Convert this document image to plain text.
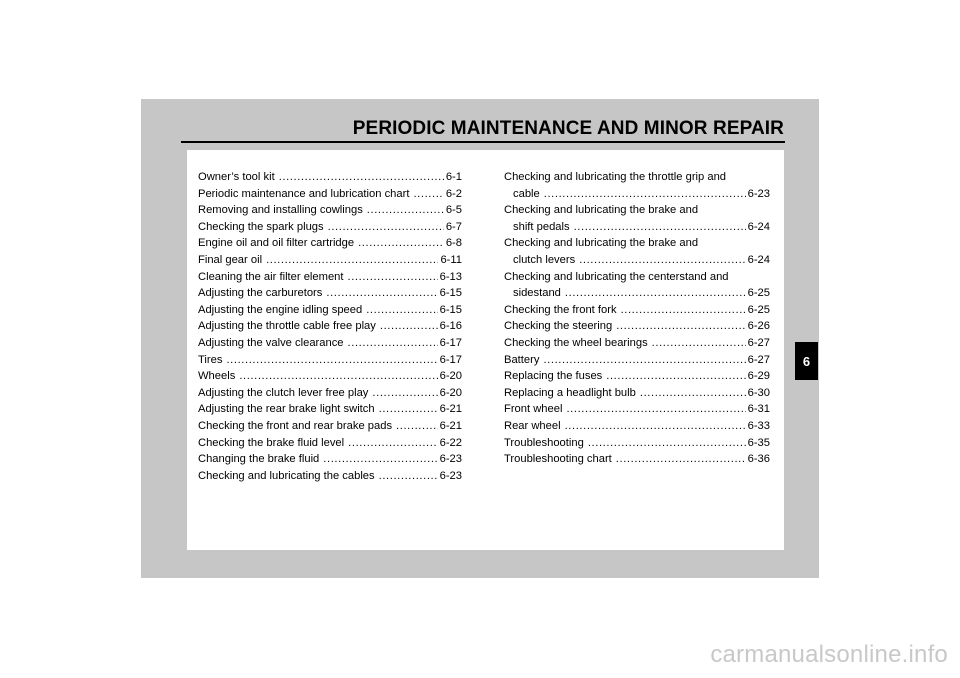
PERIODIC MAINTENANCE AND MINOR REPAIR
Owner’s tool kit .....	6-1
Periodic maintenance and lubrication chart .....	6-2
Removing and installing cowlings .....	6-5
Checking the spark plugs .....	6-7
Engine oil and oil filter cartridge .....	6-8
Final gear oil .....	6-11
Cleaning the air filter element .....	6-13
Adjusting the carburetors .....	6-15
Adjusting the engine idling speed .....	6-15
Adjusting the throttle cable free play .....	6-16
Adjusting the valve clearance .....	6-17
Tires .....	6-17
Wheels .....	6-20
Adjusting the clutch lever free play .....	6-20
Adjusting the rear brake light switch .....	6-21
Checking the front and rear brake pads .....	6-21
Checking the brake fluid level .....	6-22
Changing the brake fluid .....	6-23
Checking and lubricating the cables .....	6-23
Checking and lubricating the throttle grip and
cable .....	6-23
Checking and lubricating the brake and
shift pedals .....	6-24
Checking and lubricating the brake and
clutch levers .....	6-24
Checking and lubricating the centerstand and
sidestand .....	6-25
Checking the front fork .....	6-25
Checking the steering .....	6-26
Checking the wheel bearings .....	6-27
Battery .....	6-27
Replacing the fuses .....	6-29
Replacing a headlight bulb .....	6-30
Front wheel .....	6-31
Rear wheel .....	6-33
Troubleshooting .....	6-35
Troubleshooting chart .....	6-36
6
carmanualsonline.info
